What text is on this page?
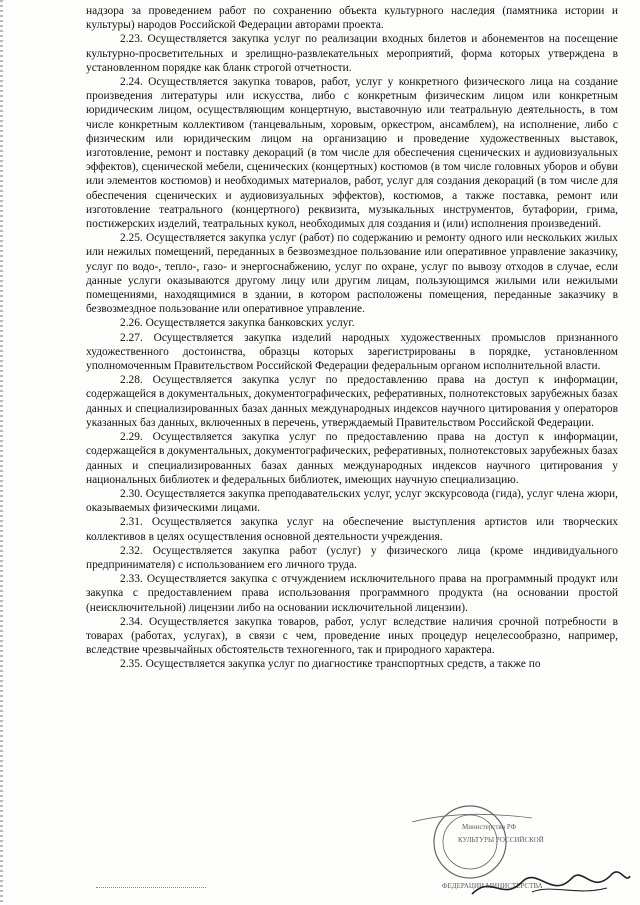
надзора за проведением работ по сохранению объекта культурного наследия (памятника истории и культуры) народов Российской Федерации авторами проекта.

2.23. Осуществляется закупка услуг по реализации входных билетов и абонементов на посещение культурно-просветительных и зрелищно-развлекательных мероприятий, форма которых утверждена в установленном порядке как бланк строгой отчетности.

2.24. Осуществляется закупка товаров, работ, услуг у конкретного физического лица на создание произведения литературы или искусства, либо с конкретным физическим лицом или конкретным юридическим лицом, осуществляющим концертную, выставочную или театральную деятельность, в том числе конкретным коллективом (танцевальным, хоровым, оркестром, ансамблем), на исполнение, либо с физическим или юридическим лицом на организацию и проведение художественных выставок, изготовление, ремонт и поставку декораций (в том числе для обеспечения сценических и аудиовизуальных эффектов), сценической мебели, сценических (концертных) костюмов (в том числе головных уборов и обуви или элементов костюмов) и необходимых материалов, работ, услуг для создания декораций (в том числе для обеспечения сценических и аудиовизуальных эффектов), костюмов, а также поставка, ремонт или изготовление театрального (концертного) реквизита, музыкальных инструментов, бутафории, грима, постижерских изделий, театральных кукол, необходимых для создания и (или) исполнения произведений.

2.25. Осуществляется закупка услуг (работ) по содержанию и ремонту одного или нескольких жилых или нежилых помещений, переданных в безвозмездное пользование или оперативное управление заказчику, услуг по водо-, тепло-, газо- и энергоснабжению, услуг по охране, услуг по вывозу отходов в случае, если данные услуги оказываются другому лицу или другим лицам, пользующимся жилыми или нежилыми помещениями, находящимися в здании, в котором расположены помещения, переданные заказчику в безвозмездное пользование или оперативное управление.

2.26. Осуществляется закупка банковских услуг.

2.27. Осуществляется закупка изделий народных художественных промыслов признанного художественного достоинства, образцы которых зарегистрированы в порядке, установленном уполномоченным Правительством Российской Федерации федеральным органом исполнительной власти.

2.28. Осуществляется закупка услуг по предоставлению права на доступ к информации, содержащейся в документальных, документографических, реферативных, полнотекстовых зарубежных базах данных и специализированных базах данных международных индексов научного цитирования у операторов указанных баз данных, включенных в перечень, утверждаемый Правительством Российской Федерации.

2.29. Осуществляется закупка услуг по предоставлению права на доступ к информации, содержащейся в документальных, документографических, реферативных, полнотекстовых зарубежных базах данных и специализированных базах данных международных индексов научного цитирования у национальных библиотек и федеральных библиотек, имеющих научную специализацию.

2.30. Осуществляется закупка преподавательских услуг, услуг экскурсовода (гида), услуг члена жюри, оказываемых физическими лицами.

2.31. Осуществляется закупка услуг на обеспечение выступления артистов или творческих коллективов в целях осуществления основной деятельности учреждения.

2.32. Осуществляется закупка работ (услуг) у физического лица (кроме индивидуального предпринимателя) с использованием его личного труда.

2.33. Осуществляется закупка с отчуждением исключительного права на программный продукт или закупка с предоставлением права использования программного продукта (на основании простой (неисключительной) лицензии либо на основании исключительной лицензии).

2.34. Осуществляется закупка товаров, работ, услуг вследствие наличия срочной потребности в товарах (работах, услугах), в связи с чем, проведение иных процедур нецелесообразно, например, вследствие чрезвычайных обстоятельств техногенного, так и природного характера.

2.35. Осуществляется закупка услуг по диагностике транспортных средств, а также по

Министерство РФ
КУЛЬТУРЫ РОССИЙСКОЙ
ФЕДЕРАЦИИ МИНИСТЕРСТВА
